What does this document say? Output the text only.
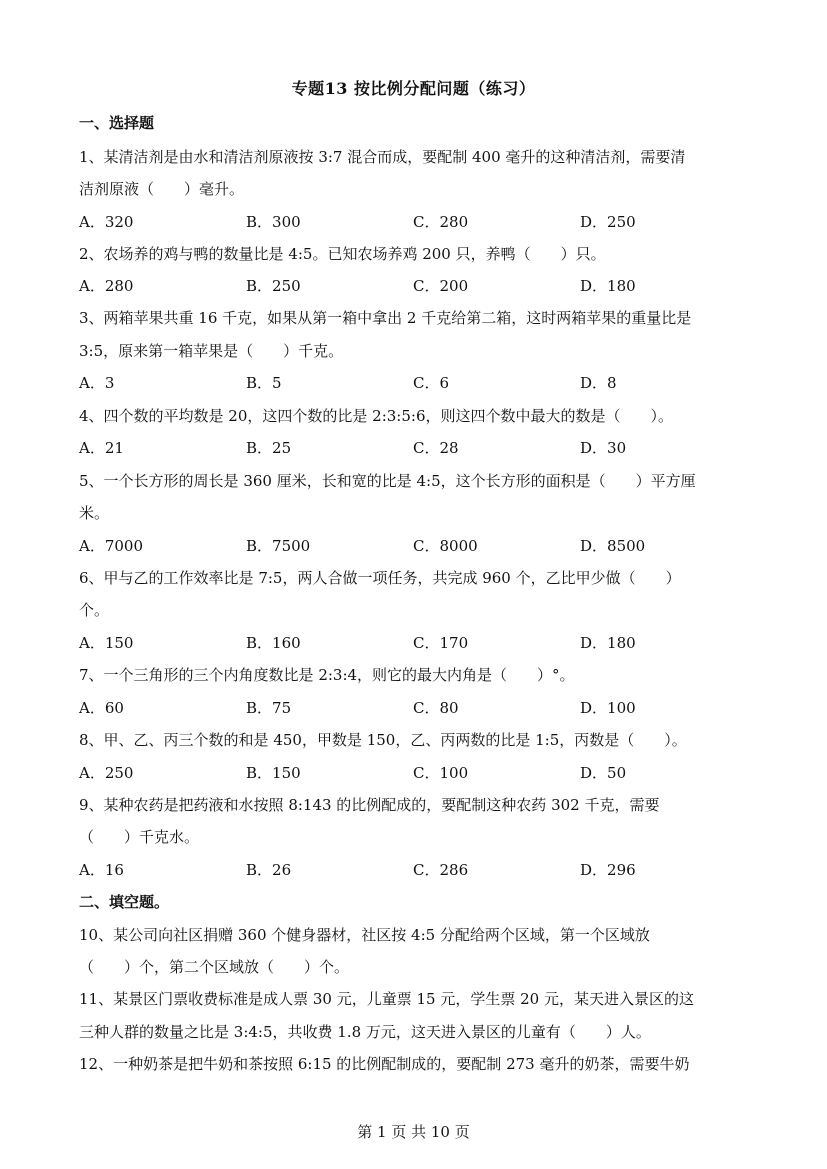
专题13 按比例分配问题（练习）
一、选择题
1、某清洁剂是由水和清洁剂原液按 3:7 混合而成，要配制 400 毫升的这种清洁剂，需要清
洁剂原液（　　）毫升。
A．320	B．300	C．280	D．250
2、农场养的鸡与鸭的数量比是 4:5。已知农场养鸡 200 只，养鸭（　　）只。
A．280	B．250	C．200	D．180
3、两箱苹果共重 16 千克，如果从第一箱中拿出 2 千克给第二箱，这时两箱苹果的重量比是
3:5，原来第一箱苹果是（　　）千克。
A．3	B．5	C．6	D．8
4、四个数的平均数是 20，这四个数的比是 2:3:5:6，则这四个数中最大的数是（　　）。
A．21	B．25	C．28	D．30
5、一个长方形的周长是 360 厘米，长和宽的比是 4:5，这个长方形的面积是（　　）平方厘
米。
A．7000	B．7500	C．8000	D．8500
6、甲与乙的工作效率比是 7:5，两人合做一项任务，共完成 960 个，乙比甲少做（　　）
个。
A．150	B．160	C．170	D．180
7、一个三角形的三个内角度数比是 2:3:4，则它的最大内角是（　　）°。
A．60	B．75	C．80	D．100
8、甲、乙、丙三个数的和是 450，甲数是 150，乙、丙两数的比是 1:5，丙数是（　　）。
A．250	B．150	C．100	D．50
9、某种农药是把药液和水按照 8:143 的比例配成的，要配制这种农药 302 千克，需要
（　　）千克水。
A．16	B．26	C．286	D．296
二、填空题。
10、某公司向社区捐赠 360 个健身器材，社区按 4:5 分配给两个区域，第一个区域放
（　　）个，第二个区域放（　　）个。
11、某景区门票收费标准是成人票 30 元，儿童票 15 元，学生票 20 元，某天进入景区的这
三种人群的数量之比是 3:4:5，共收费 1.8 万元，这天进入景区的儿童有（　　）人。
12、一种奶茶是把牛奶和茶按照 6:15 的比例配制成的，要配制 273 毫升的奶茶，需要牛奶
第 1 页 共 10 页
